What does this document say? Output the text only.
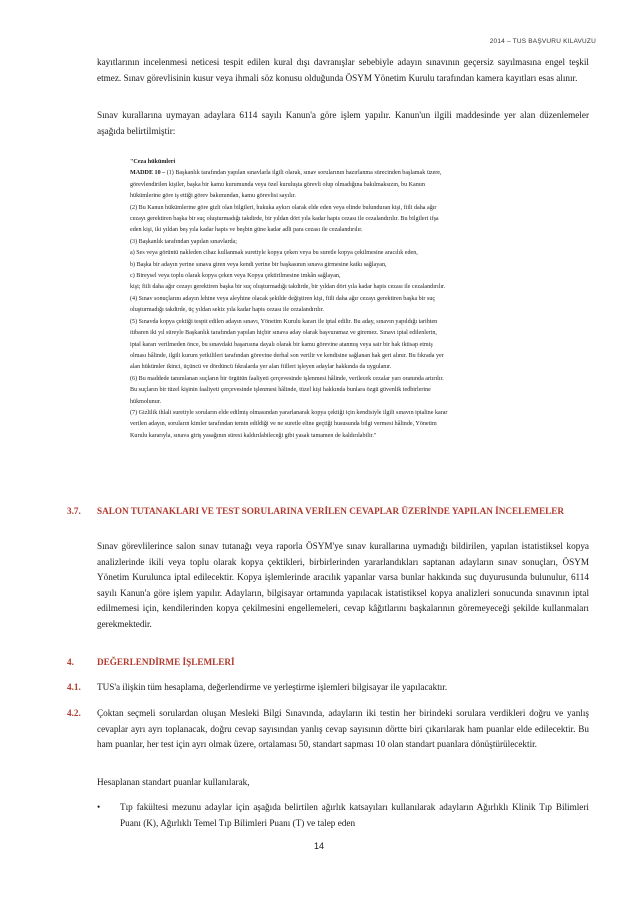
2014 – TUS BAŞVURU KILAVUZU
kayıtlarının incelenmesi neticesi tespit edilen kural dışı davranışlar sebebiyle adayın sınavının geçersiz sayılmasına engel teşkil etmez. Sınav görevlisinin kusur veya ihmali söz konusu olduğunda ÖSYM Yönetim Kurulu tarafından kamera kayıtları esas alınır.
Sınav kurallarına uymayan adaylara 6114 sayılı Kanun'a göre işlem yapılır. Kanun'un ilgili maddesinde yer alan düzenlemeler aşağıda belirtilmiştir:
"Ceza hükümleri
MADDE 10 – (1) Başkanlık tarafından yapılan sınavlarla ilgili olarak, sınav sorularının hazırlanma sürecinden başlamak üzere,
görevlendirilen kişiler, başka bir kamu kurumunda veya özel kuruluşta görevli olup olmadığına bakılmaksızın, bu Kanun
hükümlerine göre iş ettiği görev bakımından, kamu görevlisi sayılır.
(2) Bu Kanun hükümlerine göre gizli olan bilgileri, hukuka aykırı olarak elde eden veya elinde bulunduran kişi, fiili daha ağır
cezayı gerektiren başka bir suç oluşturmadığı takdirde, bir yıldan dört yıla kadar hapis cezası ile cezalandırılır. Bu bilgileri ifşa
eden kişi, iki yıldan beş yıla kadar hapis ve beşbin güne kadar adli para cezası ile cezalandırılır.
(3) Başkanlık tarafından yapılan sınavlarda;
a) Ses veya görüntü nakleden cihaz kullanmak suretiyle kopya çeken veya bu suretle kopya çekilmesine aracılık eden,
b) Başka bir adayın yerine sınava giren veya kendi yerine bir başkasının sınava girmesine katkı sağlayan,
c) Bireysel veya toplu olarak kopya çeken veya Kopya çektirilmesine imkân sağlayan,
kişi; fiili daha ağır cezayı gerektiren başka bir suç oluşturmadığı takdirde, bir yıldan dört yıla kadar hapis cezası ile cezalandırılır.
(4) Sınav sonuçlarını adayın lehine veya aleyhine olacak şekilde değiştiren kişi, fiili daha ağır cezayı gerektiren başka bir suç
oluşturmadığı takdirde, üç yıldan sekiz yıla kadar hapis cezası ile cezalandırılır.
(5) Sınavda kopya çektiği tespit edilen adayın sınavı, Yönetim Kurulu kararı ile iptal edilir. Bu aday, sınavın yapıldığı tarihten
itibaren iki yıl süreyle Başkanlık tarafından yapılan hiçbir sınava aday olarak başvuramaz ve giremez. Sınavı iptal edilenlerin,
iptal kararı verilmeden önce, bu sınavdaki başarısına dayalı olarak bir kamu görevine atanmış veya sair bir hak iktisap etmiş
olması hâlinde, ilgili kurum yetkilileri tarafından görevine derhal son verilir ve kendisine sağlanan hak geri alınır. Bu fıkrada yer
alan hükümler ikinci, üçüncü ve dördüncü fıkralarda yer alan fiilleri işleyen adaylar hakkında da uygulanır.
(6) Bu maddede tanımlanan suçların bir örgütün faaliyeti çerçevesinde işlenmesi hâlinde, verilecek cezalar yarı oranında artırılır.
Bu suçların bir tüzel kişinin faaliyeti çerçevesinde işlenmesi hâlinde, tüzel kişi hakkında bunlara özgü güvenlik tedbirlerine
hükmolunur.
(7) Gizlilik ihlali suretiyle soruların elde edilmiş olmasından yararlanarak kopya çektiği için kendisiyle ilgili sınavın iptaline karar
verilen adayın, soruların kimler tarafından temin edildiği ve ne suretle eline geçtiği hususunda bilgi vermesi hâlinde, Yönetim
Kurulu kararıyla, sınava giriş yasağının süresi kaldırılabileceği gibi yasak tamamen de kaldırılabilir."
3.7. SALON TUTANAKLARI VE TEST SORULARINA VERİLEN CEVAPLAR ÜZERİNDE YAPILAN İNCELEMELER
Sınav görevlilerince salon sınav tutanağı veya raporla ÖSYM'ye sınav kurallarına uymadığı bildirilen, yapılan istatistiksel kopya analizlerinde ikili veya toplu olarak kopya çektikleri, birbirlerinden yararlandıkları saptanan adayların sınav sonuçları, ÖSYM Yönetim Kurulunca iptal edilecektir. Kopya işlemlerinde aracılık yapanlar varsa bunlar hakkında suç duyurusunda bulunulur, 6114 sayılı Kanun'a göre işlem yapılır. Adayların, bilgisayar ortamında yapılacak istatistiksel kopya analizleri sonucunda sınavının iptal edilmemesi için, kendilerinden kopya çekilmesini engellemeleri, cevap kâğıtlarını başkalarının göremeyeceği şekilde kullanmaları gerekmektedir.
4.	DEĞERLENDİRME İŞLEMLERİ
4.1. TUS'a ilişkin tüm hesaplama, değerlendirme ve yerleştirme işlemleri bilgisayar ile yapılacaktır.
4.2. Çoktan seçmeli sorulardan oluşan Mesleki Bilgi Sınavında, adayların iki testin her birindeki sorulara verdikleri doğru ve yanlış cevaplar ayrı ayrı toplanacak, doğru cevap sayısından yanlış cevap sayısının dörtte biri çıkarılarak ham puanlar elde edilecektir. Bu ham puanlar, her test için ayrı olmak üzere, ortalaması 50, standart sapması 10 olan standart puanlara dönüştürülecektir.
Hesaplanan standart puanlar kullanılarak,
• Tıp fakültesi mezunu adaylar için aşağıda belirtilen ağırlık katsayıları kullanılarak adayların Ağırlıklı Klinik Tıp Bilimleri Puanı (K), Ağırlıklı Temel Tıp Bilimleri Puanı (T) ve talep eden
14
